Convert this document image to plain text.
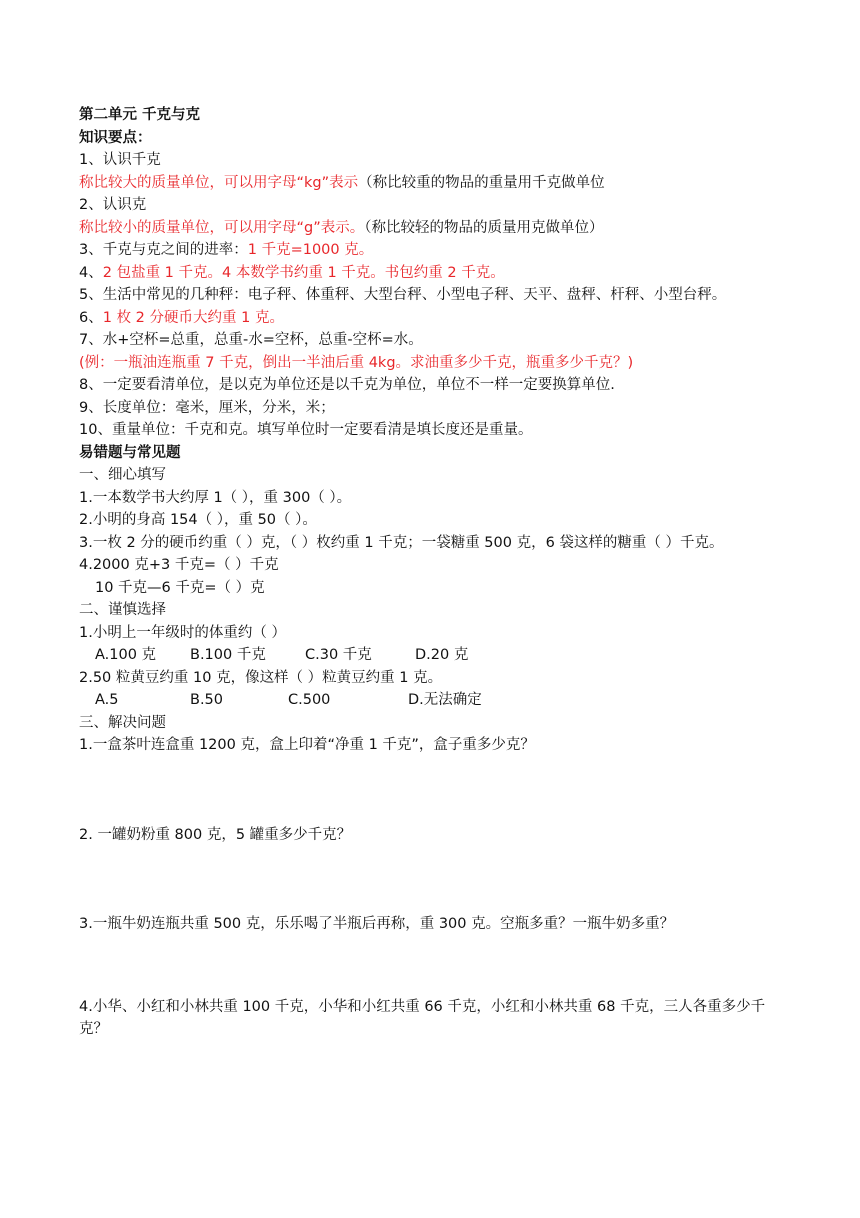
第二单元 千克与克
知识要点：
1、认识千克
称比较大的质量单位，可以用字母“kg”表示（称比较重的物品的重量用千克做单位
2、认识克
称比较小的质量单位，可以用字母“g”表示。（称比较轻的物品的质量用克做单位）
3、千克与克之间的进率：1 千克=1000 克。
4、2 包盐重 1 千克。4 本数学书约重 1 千克。书包约重 2 千克。
5、生活中常见的几种秤：电子秤、体重秤、大型台秤、小型电子秤、天平、盘秤、杆秤、小型台秤。
6、1 枚 2 分硬币大约重 1 克。
7、水+空杯=总重，总重-水=空杯，总重-空杯=水。
(例：一瓶油连瓶重 7 千克，倒出一半油后重 4kg。求油重多少千克，瓶重多少千克？)
8、一定要看清单位，是以克为单位还是以千克为单位，单位不一样一定要换算单位.
9、长度单位：毫米，厘米，分米，米；
10、重量单位：千克和克。填写单位时一定要看清是填长度还是重量。
易错题与常见题
一、细心填写
1.一本数学书大约厚 1（ ），重 300（ ）。
2.小明的身高 154（ ），重 50（ ）。
3.一枚 2 分的硬币约重（ ）克，（ ）枚约重 1 千克；一袋糖重 500 克，6 袋这样的糖重（ ）千克。
4.2000 克+3 千克=（ ）千克
10 千克—6 千克=（ ）克
二、谨慎选择
1.小明上一年级时的体重约（ ）
A.100 克	B.100 千克	C.30 千克	D.20 克
2.50 粒黄豆约重 10 克，像这样（ ）粒黄豆约重 1 克。
A.5	B.50	C.500	D.无法确定
三、解决问题
1.一盒茶叶连盒重 1200 克，盒上印着“净重 1 千克”，盒子重多少克？
2. 一罐奶粉重 800 克，5 罐重多少千克？
3.一瓶牛奶连瓶共重 500 克，乐乐喝了半瓶后再称，重 300 克。空瓶多重？一瓶牛奶多重？
4.小华、小红和小林共重 100 千克，小华和小红共重 66 千克，小红和小林共重 68 千克，三人各重多少千克？
